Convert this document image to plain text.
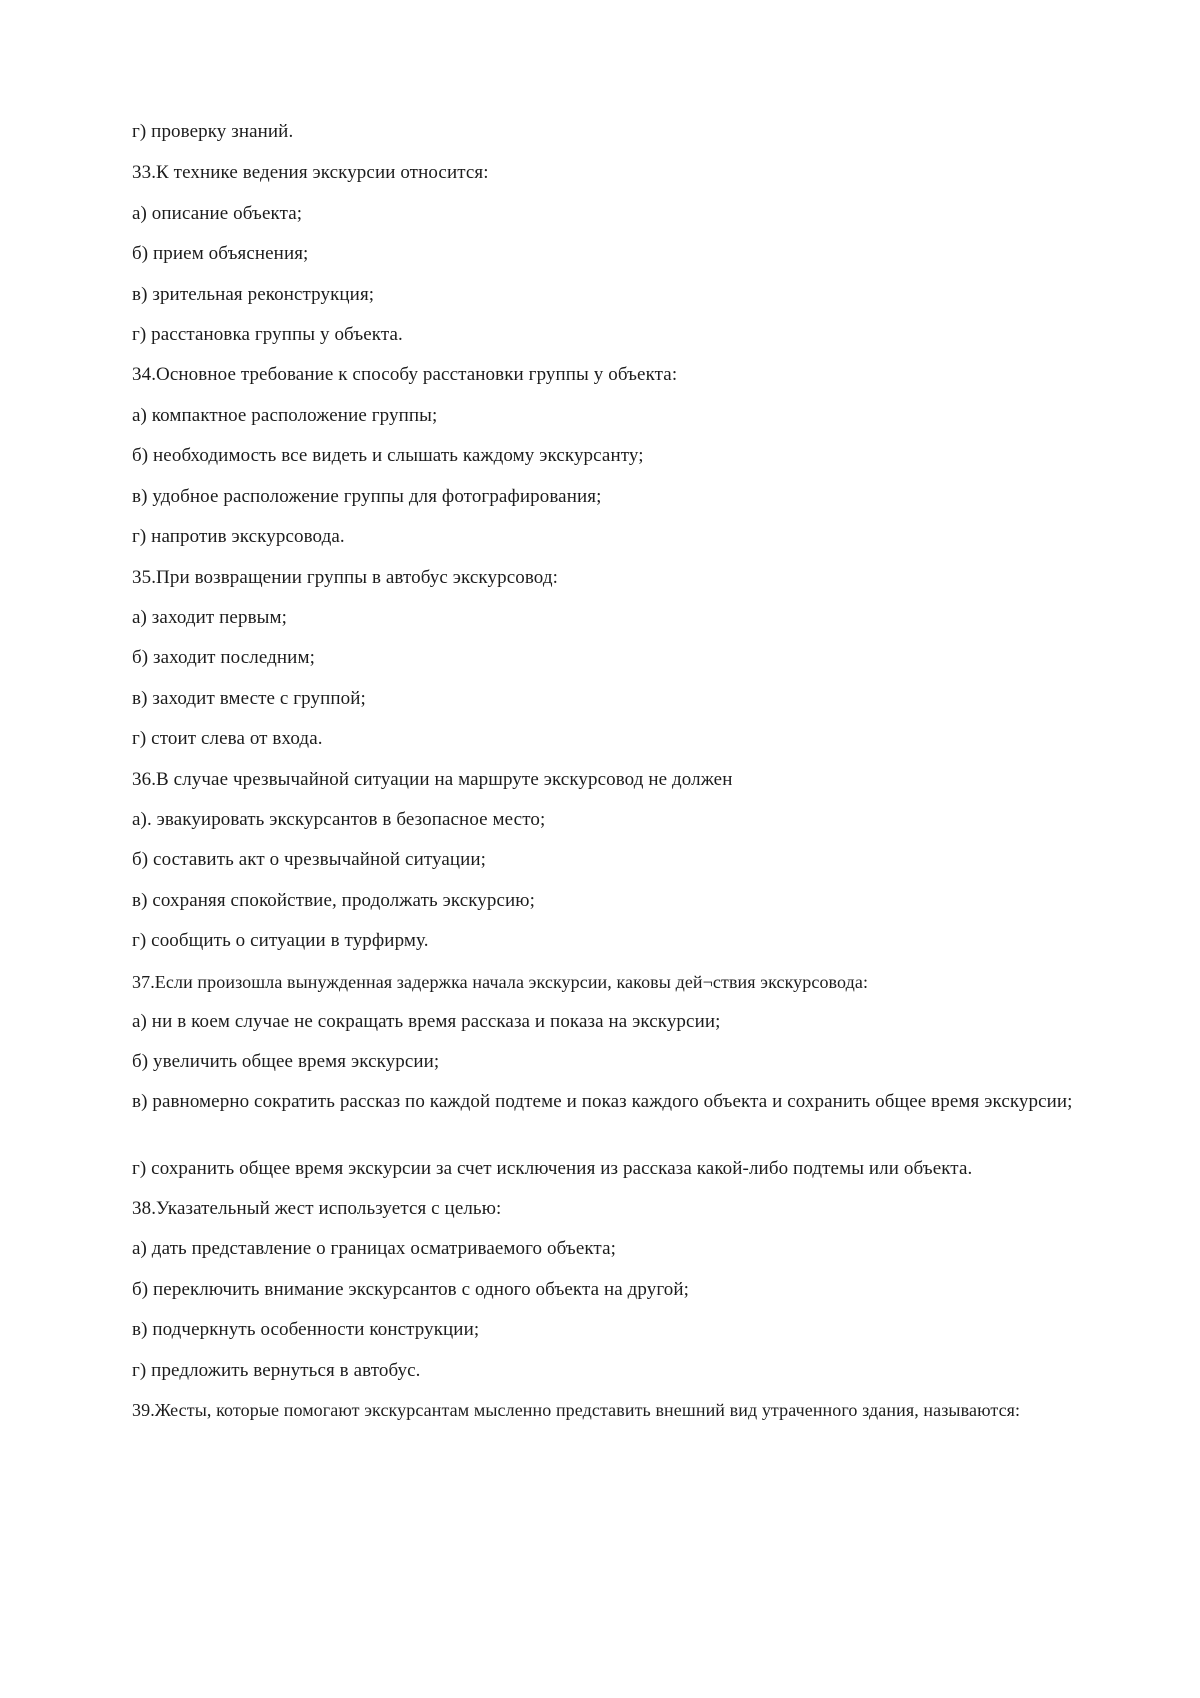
г) проверку знаний.
33.К технике ведения экскурсии относится:
а) описание объекта;
б) прием объяснения;
в) зрительная реконструкция;
г) расстановка группы у объекта.
34.Основное требование к способу расстановки группы у объекта:
а) компактное расположение группы;
б) необходимость все видеть и слышать каждому экскурсанту;
в) удобное расположение группы для фотографирования;
г) напротив экскурсовода.
35.При возвращении группы в автобус экскурсовод:
а) заходит первым;
б) заходит последним;
в) заходит вместе с группой;
г) стоит слева от входа.
36.В случае чрезвычайной ситуации на маршруте экскурсовод не должен
а). эвакуировать экскурсантов в безопасное место;
б) составить акт о чрезвычайной ситуации;
в) сохраняя спокойствие, продолжать экскурсию;
г) сообщить о ситуации в турфирму.
37.Если произошла вынужденная задержка начала экскурсии, каковы дей¬ствия экскурсовода:
а) ни в коем случае не сокращать время рассказа и показа на экскурсии;
б) увеличить общее время экскурсии;
в) равномерно сократить рассказ по каждой подтеме и показ каждого объекта и сохранить общее время экскурсии;
г) сохранить общее время экскурсии за счет исключения из рассказа какой-либо подтемы или объекта.
38.Указательный жест используется с целью:
а) дать представление о границах осматриваемого объекта;
б) переключить внимание экскурсантов с одного объекта на другой;
в) подчеркнуть особенности конструкции;
г) предложить вернуться в автобус.
39.Жесты, которые помогают экскурсантам мысленно представить внешний вид утраченного здания, называются:
